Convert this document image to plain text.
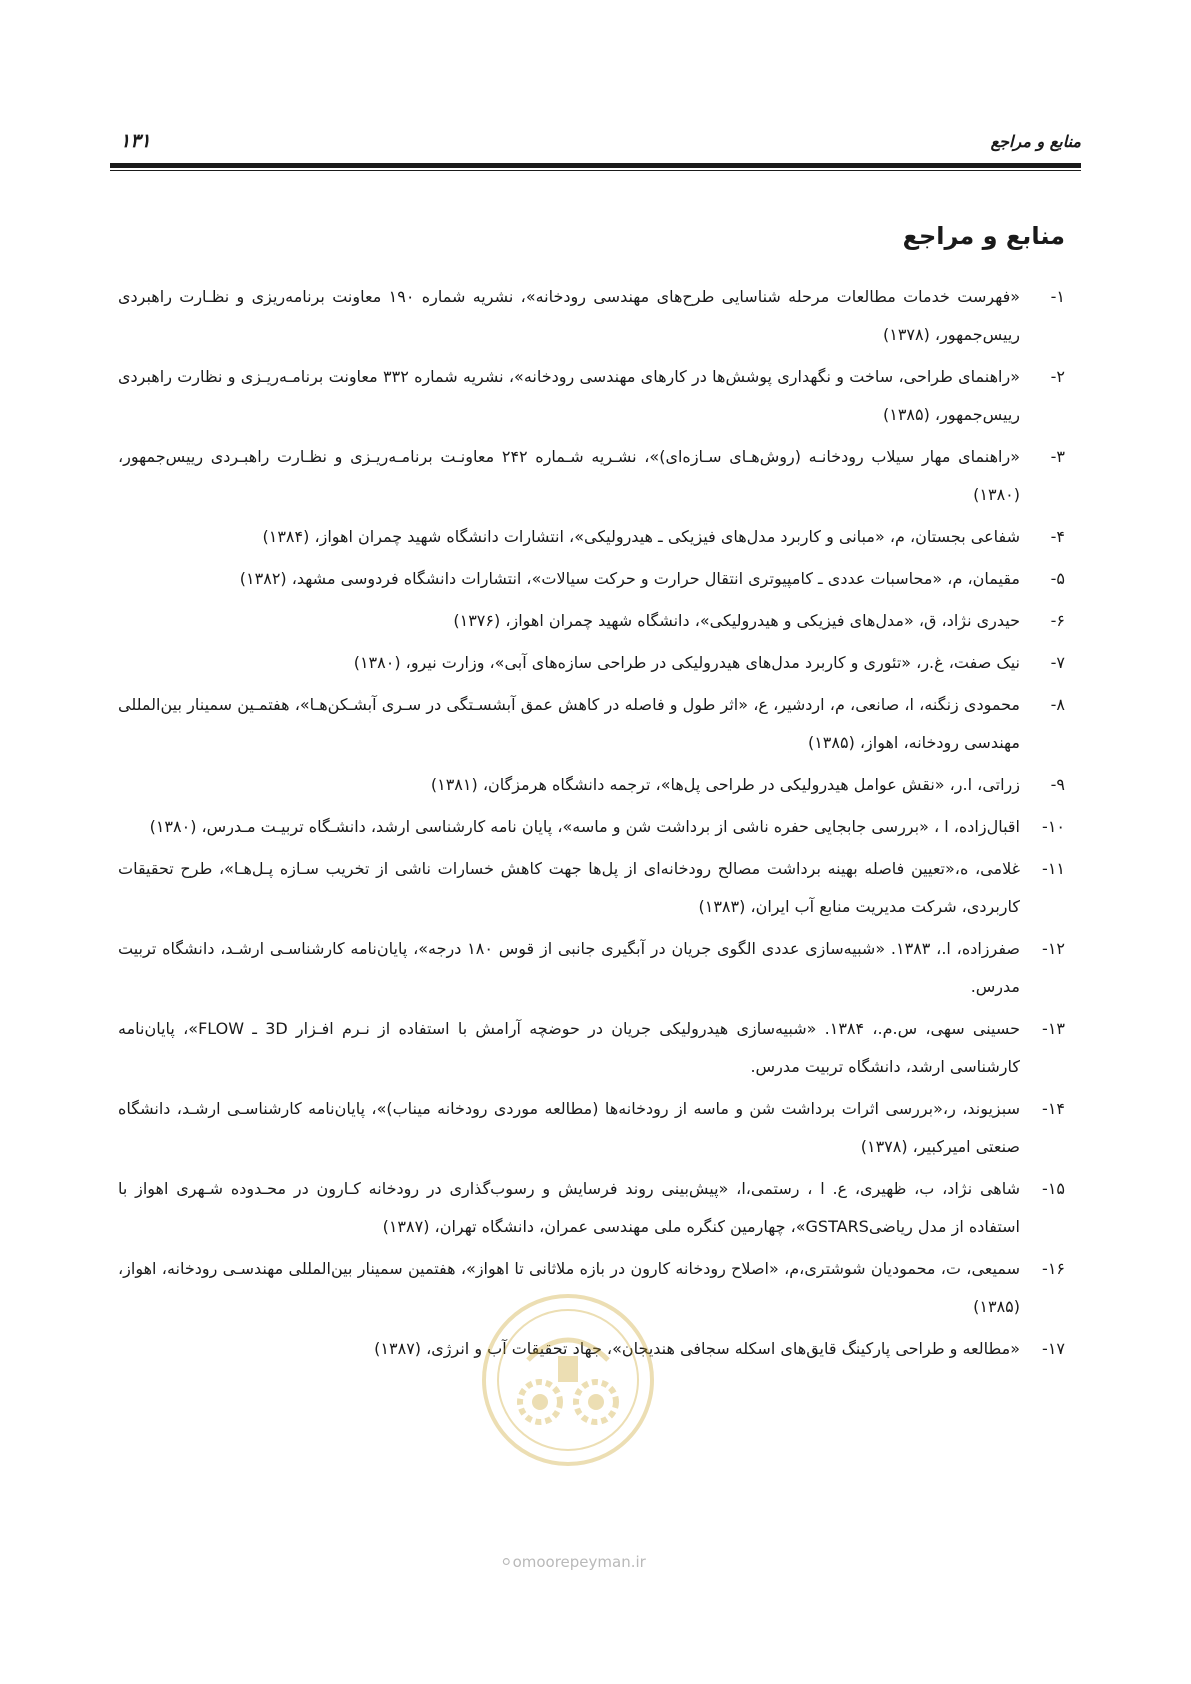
منابع و مراجع
۱۳۱
منابع و مراجع
۱-
«فهرست خدمات مطالعات مرحله شناسایی طرح‌های مهندسی رودخانه»، نشریه شماره ۱۹۰ معاونت برنامه‌ریزی و نظـارت راهبردی رییس‌جمهور، (۱۳۷۸)
۲-
«راهنمای طراحی، ساخت و نگهداری پوشش‌ها در کارهای مهندسی رودخانه»، نشریه شماره ۳۳۲ معاونت برنامـه‌ریـزی و نظارت راهبردی رییس‌جمهور، (۱۳۸۵)
۳-
«راهنمای مهار سیلاب رودخانـه (روش‌هـای سـازه‌ای)»، نشـریه شـماره ۲۴۲ معاونـت برنامـه‌ریـزی و نظـارت راهبـردی رییس‌جمهور، (۱۳۸۰)
۴-
شفاعی بجستان، م، «مبانی و کاربرد مدل‌های فیزیکی ـ هیدرولیکی»، انتشارات دانشگاه شهید چمران اهواز، (۱۳۸۴)
۵-
مقیمان، م، «محاسبات عددی ـ کامپیوتری انتقال حرارت و حرکت سیالات»، انتشارات دانشگاه فردوسی مشهد، (۱۳۸۲)
۶-
حیدری نژاد، ق، «مدل‌های فیزیکی و هیدرولیکی»، دانشگاه شهید چمران اهواز، (۱۳۷۶)
۷-
نیک صفت، غ.ر، «تئوری و کاربرد مدل‌های هیدرولیکی در طراحی سازه‌های آبی»، وزارت نیرو، (۱۳۸۰)
۸-
محمودی زنگنه، ا، صانعی، م، اردشیر، ع، «اثر طول و فاصله در کاهش عمق آبشسـتگی در سـری آبشـکن‌هـا»، هفتمـین سمینار بین‌المللی مهندسی رودخانه، اهواز، (۱۳۸۵)
۹-
زراتی، ا.ر، «نقش عوامل هیدرولیکی در طراحی پل‌ها»، ترجمه دانشگاه هرمزگان، (۱۳۸۱)
۱۰-
اقبال‌زاده، ا ، «بررسی جابجایی حفره ناشی از برداشت شن و ماسه»، پایان نامه کارشناسی ارشد، دانشـگاه تربیـت مـدرس، (۱۳۸۰)
۱۱-
غلامی، ه،«تعیین فاصله بهینه برداشت مصالح رودخانه‌ای از پل‌ها جهت کاهش خسارات ناشی از تخریب سـازه پـل‌هـا»، طرح تحقیقات کاربردی، شرکت مدیریت منابع آب ایران، (۱۳۸۳)
۱۲-
صفرزاده، ا.، ۱۳۸۳. «شبیه‌سازی عددی الگوی جریان در آبگیری جانبی از قوس ۱۸۰ درجه»، پایان‌نامه کارشناسـی ارشـد، دانشگاه تربیت مدرس.
۱۳-
حسینی سهی، س.م.، ۱۳۸۴. «شبیه‌سازی هیدرولیکی جریان در حوضچه آرامش با استفاده از نـرم افـزار 3D ـ FLOW»، پایان‌نامه کارشناسی ارشد، دانشگاه تربیت مدرس.
۱۴-
سبزیوند، ر،«بررسی اثرات برداشت شن و ماسه از رودخانه‌ها (مطالعه موردی رودخانه میناب)»، پایان‌نامه کارشناسـی ارشـد، دانشگاه صنعتی امیرکبیر، (۱۳۷۸)
۱۵-
شاهی نژاد، ب، ظهیری، ع. ا ، رستمی،ا، «پیش‌بینی روند فرسایش و رسوب‌گذاری در رودخانه کـارون در محـدوده شـهری اهواز با استفاده از مدل ریاضیGSTARS»، چهارمین کنگره ملی مهندسی عمران، دانشگاه تهران، (۱۳۸۷)
۱۶-
سمیعی، ت، محمودیان شوشتری،م، «اصلاح رودخانه کارون در بازه ملاثانی تا اهواز»، هفتمین سمینار بین‌المللی مهندسـی رودخانه، اهواز، (۱۳۸۵)
۱۷-
«مطالعه و طراحی پارکینگ قایق‌های اسکله سجافی هندیجان»، جهاد تحقیقات آب و انرژی، (۱۳۸۷)
⚪omoorepeyman.ir
